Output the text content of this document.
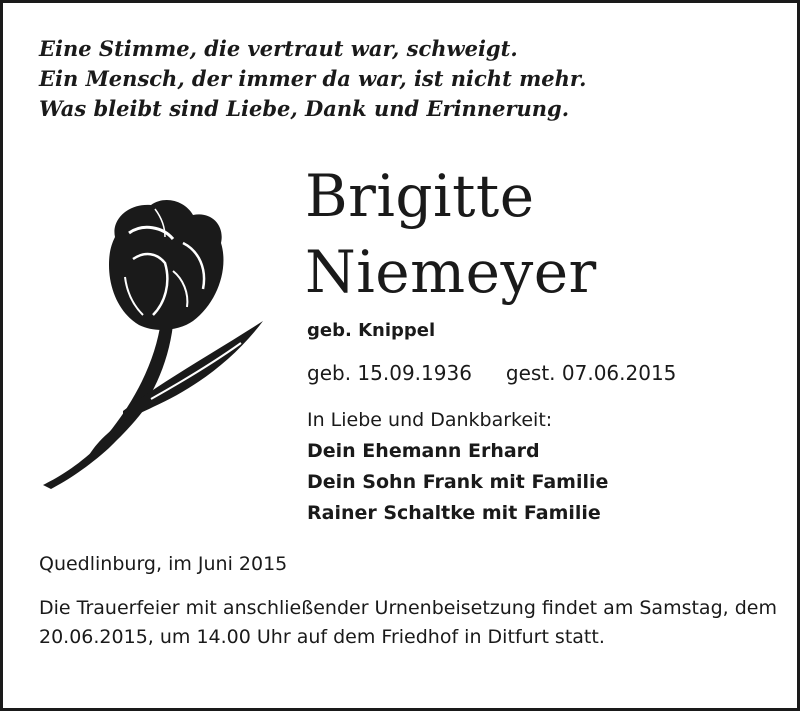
Eine Stimme, die vertraut war, schweigt.
Ein Mensch, der immer da war, ist nicht mehr.
Was bleibt sind Liebe, Dank und Erinnerung.
Brigitte
Niemeyer
geb. Knippel
geb. 15.09.1936 gest. 07.06.2015
In Liebe und Dankbarkeit:
Dein Ehemann Erhard
Dein Sohn Frank mit Familie
Rainer Schaltke mit Familie
Quedlinburg, im Juni 2015
Die Trauerfeier mit anschließender Urnenbeisetzung findet am Samstag, dem 20.06.2015, um 14.00 Uhr auf dem Friedhof in Ditfurt statt.
